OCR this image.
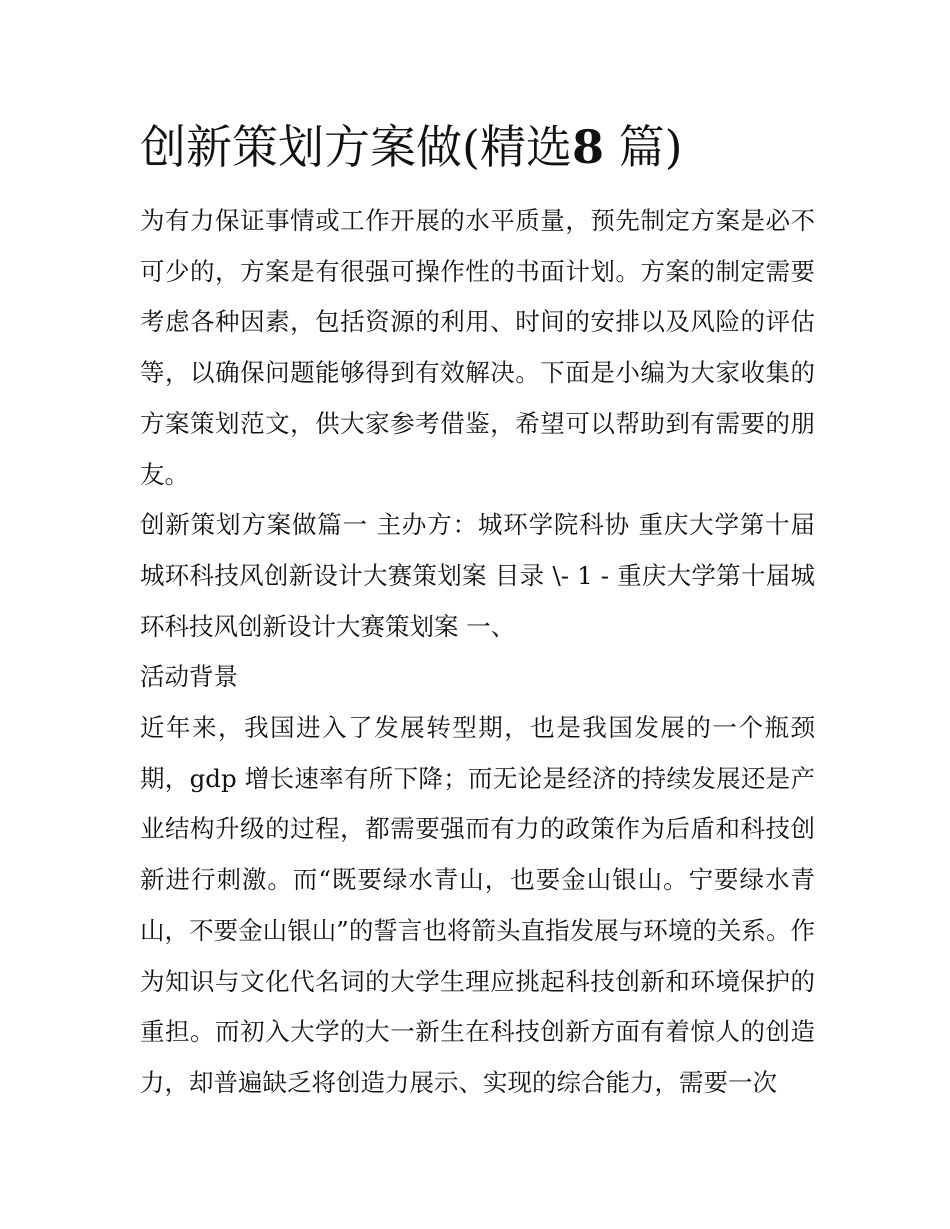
创新策划方案做(精选8 篇)

为有力保证事情或工作开展的水平质量，预先制定方案是必不可少的，方案是有很强可操作性的书面计划。方案的制定需要考虑各种因素，包括资源的利用、时间的安排以及风险的评估等，以确保问题能够得到有效解决。下面是小编为大家收集的方案策划范文，供大家参考借鉴，希望可以帮助到有需要的朋友。

创新策划方案做篇一 主办方：城环学院科协 重庆大学第十届城环科技风创新设计大赛策划案 目录 \- 1 - 重庆大学第十届城环科技风创新设计大赛策划案 一、

活动背景

近年来，我国进入了发展转型期，也是我国发展的一个瓶颈期，gdp 增长速率有所下降；而无论是经济的持续发展还是产业结构升级的过程，都需要强而有力的政策作为后盾和科技创新进行刺激。而“既要绿水青山，也要金山银山。宁要绿水青山，不要金山银山”的誓言也将箭头直指发展与环境的关系。作为知识与文化代名词的大学生理应挑起科技创新和环境保护的重担。而初入大学的大一新生在科技创新方面有着惊人的创造力，却普遍缺乏将创造力展示、实现的综合能力，需要一次
